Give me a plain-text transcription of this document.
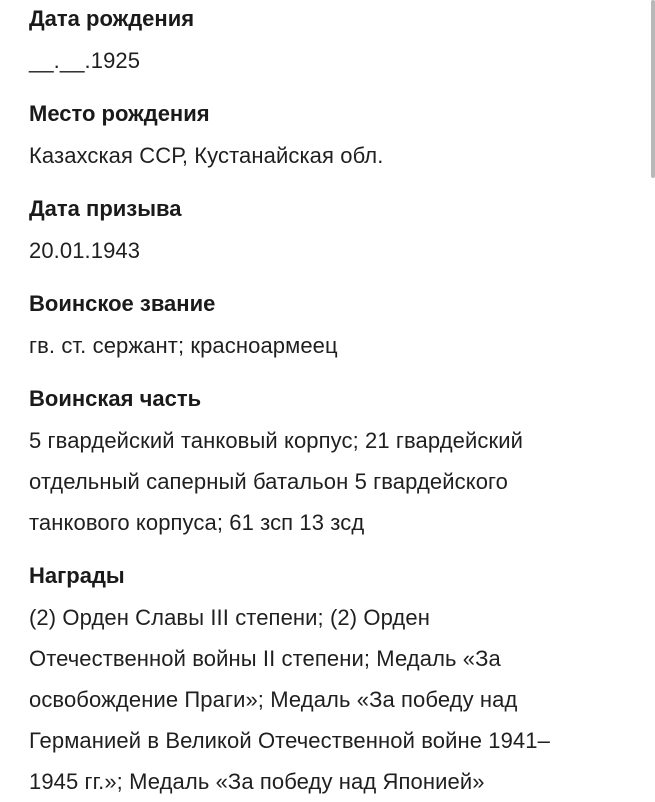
Дата рождения
__.__.1925
Место рождения
Казахская ССР, Кустанайская обл.
Дата призыва
20.01.1943
Воинское звание
гв. ст. сержант; красноармеец
Воинская часть
5 гвардейский танковый корпус; 21 гвардейский
отдельный саперный батальон 5 гвардейского
танкового корпуса; 61 зсп 13 зсд
Награды
(2) Орден Славы III степени; (2) Орден
Отечественной войны II степени; Медаль «За
освобождение Праги»; Медаль «За победу над
Германией в Великой Отечественной войне 1941–
1945 гг.»; Медаль «За победу над Японией»
